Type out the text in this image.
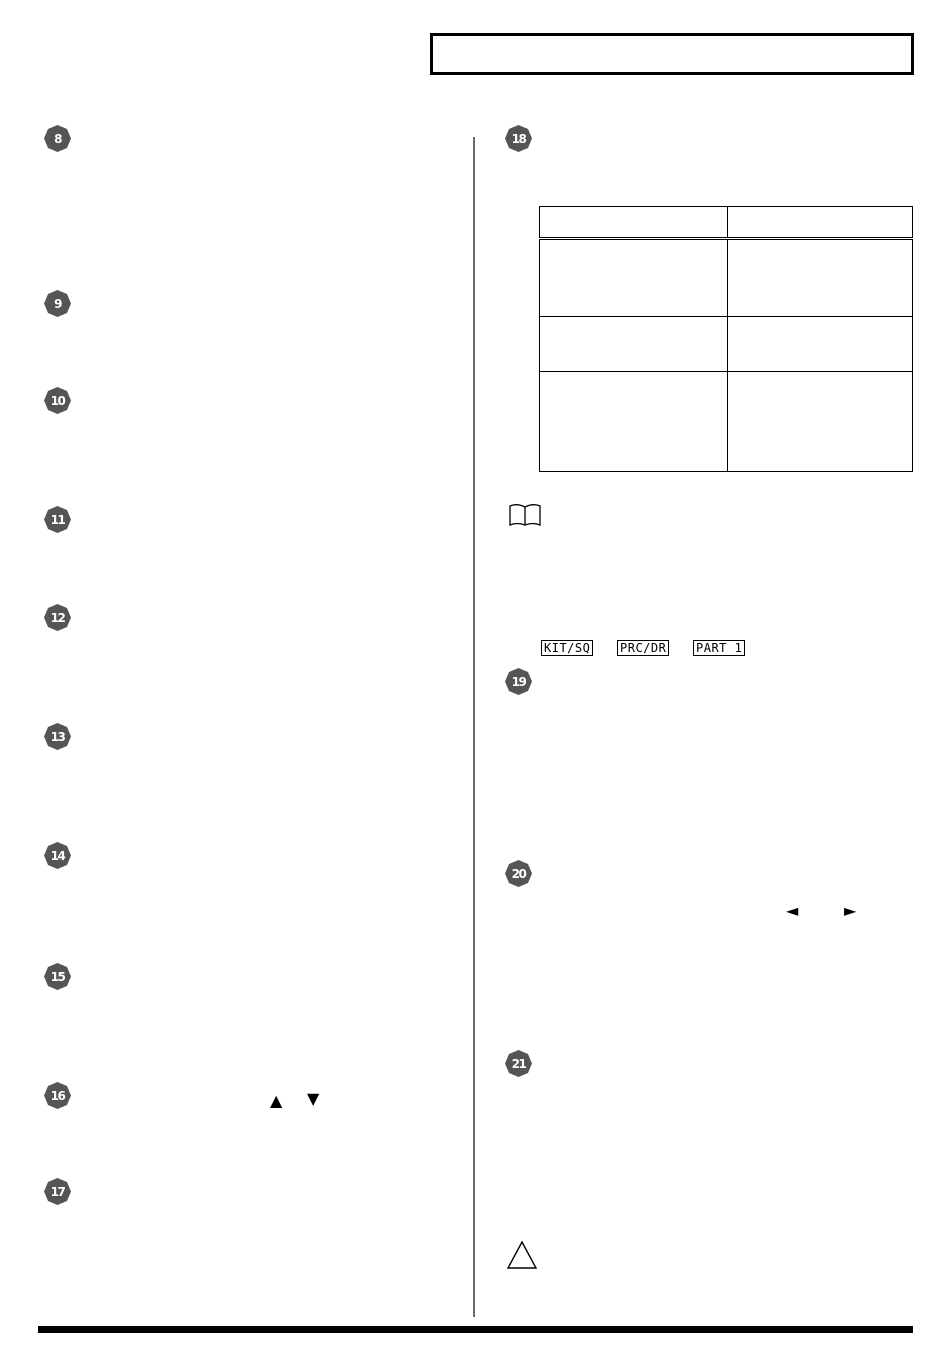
8
9
10
11
12
13
14
15
16
17
18
19
20
21
▲ ▼
◄	►

KIT/SQ PRC/DR PART 1
